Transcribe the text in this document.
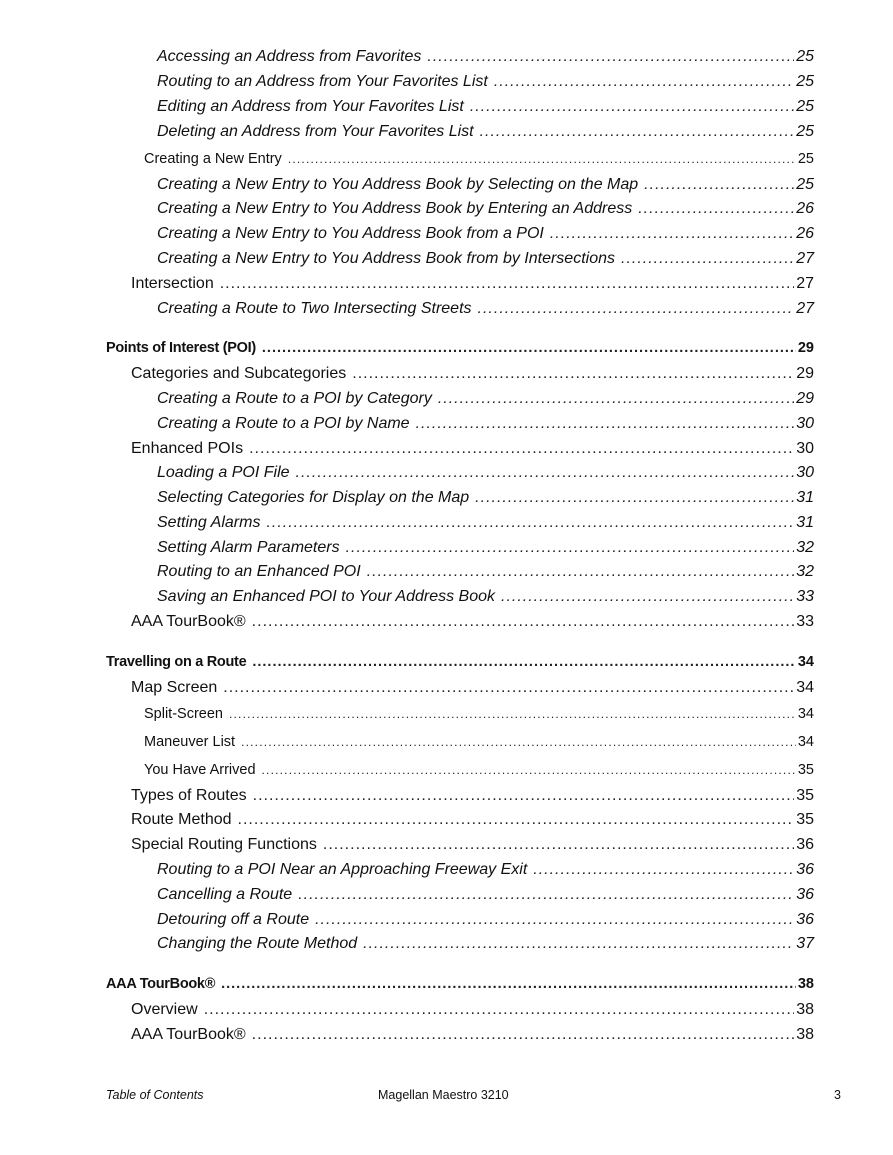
Accessing an Address from Favorites .....	25
Routing to an Address from Your Favorites List .....	25
Editing an Address from Your Favorites List .....	25
Deleting an Address from Your Favorites List .....	25
Creating a New Entry .....	25
Creating a New Entry to You Address Book by Selecting on the Map .....	25
Creating a New Entry to You Address Book by Entering an Address .....	26
Creating a New Entry to You Address Book from a POI .....	26
Creating a New Entry to You Address Book from by Intersections .....	27
Intersection .....	27
Creating a Route to Two Intersecting Streets .....	27
Points of Interest (POI) .....	29
Categories and Subcategories .....	29
Creating a Route to a POI by Category .....	29
Creating a Route to a POI by Name .....	30
Enhanced POIs .....	30
Loading a POI File .....	30
Selecting Categories for Display on the Map .....	31
Setting Alarms .....	31
Setting Alarm Parameters .....	32
Routing to an Enhanced POI .....	32
Saving an Enhanced POI to Your Address Book .....	33
AAA TourBook® .....	33
Travelling on a Route .....	34
Map Screen .....	34
Split-Screen .....	34
Maneuver List .....	34
You Have Arrived .....	35
Types of Routes .....	35
Route Method .....	35
Special Routing Functions .....	36
Routing to a POI Near an Approaching Freeway Exit .....	36
Cancelling a Route .....	36
Detouring off a Route .....	36
Changing the Route Method .....	37
AAA TourBook® .....	38
Overview .....	38
AAA TourBook® .....	38
Table of Contents	Magellan Maestro 3210	3
